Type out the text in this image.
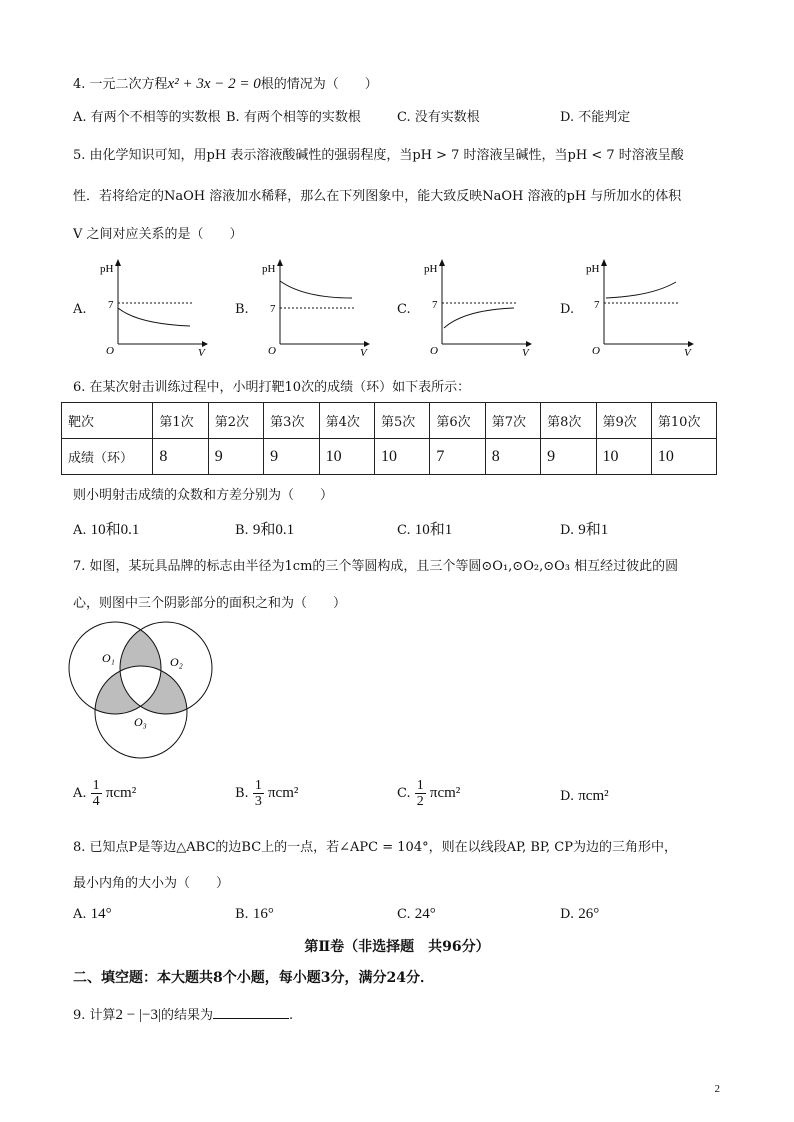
4. 一元二次方程x² + 3x − 2 = 0根的情况为（　　）
A. 有两个不相等的实数根 B. 有两个相等的实数根	C. 没有实数根	D. 不能判定
5. 由化学知识可知，用pH 表示溶液酸碱性的强弱程度，当pH > 7 时溶液呈碱性，当pH < 7 时溶液呈酸
性．若将给定的NaOH 溶液加水稀释，那么在下列图象中，能大致反映NaOH 溶液的pH 与所加水的体积
V 之间对应关系的是（　　）
A.	B.	C.	D.
pH
7
O	V
pH
7
O	V
pH
7
O	V
pH
7
O	V
6. 在某次射击训练过程中，小明打靶10次的成绩（环）如下表所示：
靶次	第1次	第2次	第3次	第4次	第5次	第6次	第7次	第8次	第9次	第10次
成绩（环）	8	9	9	10	10	7	8	9	10	10
则小明射击成绩的众数和方差分别为（　　）
A. 10和0.1	B. 9和0.1	C. 10和1	D. 9和1
7. 如图，某玩具品牌的标志由半径为1cm的三个等圆构成，且三个等圆⊙O₁,⊙O₂,⊙O₃ 相互经过彼此的圆
心，则图中三个阴影部分的面积之和为（　　）
O₁	O₂
O₃
A. $\frac{1}{4} \pi cm^2$	B. $\frac{1}{3} \pi cm^2$	C. $\frac{1}{2} \pi cm^2$	D. πcm²
8. 已知点P是等边△ABC的边BC上的一点，若∠APC = 104°，则在以线段AP, BP, CP为边的三角形中，
最小内角的大小为（　　）
A. 14°	B. 16°	C. 24°	D. 26°
第Ⅱ卷（非选择题　共96分）
二、填空题：本大题共8个小题，每小题3分，满分24分．
9. 计算2 − |−3|的结果为	.
2
